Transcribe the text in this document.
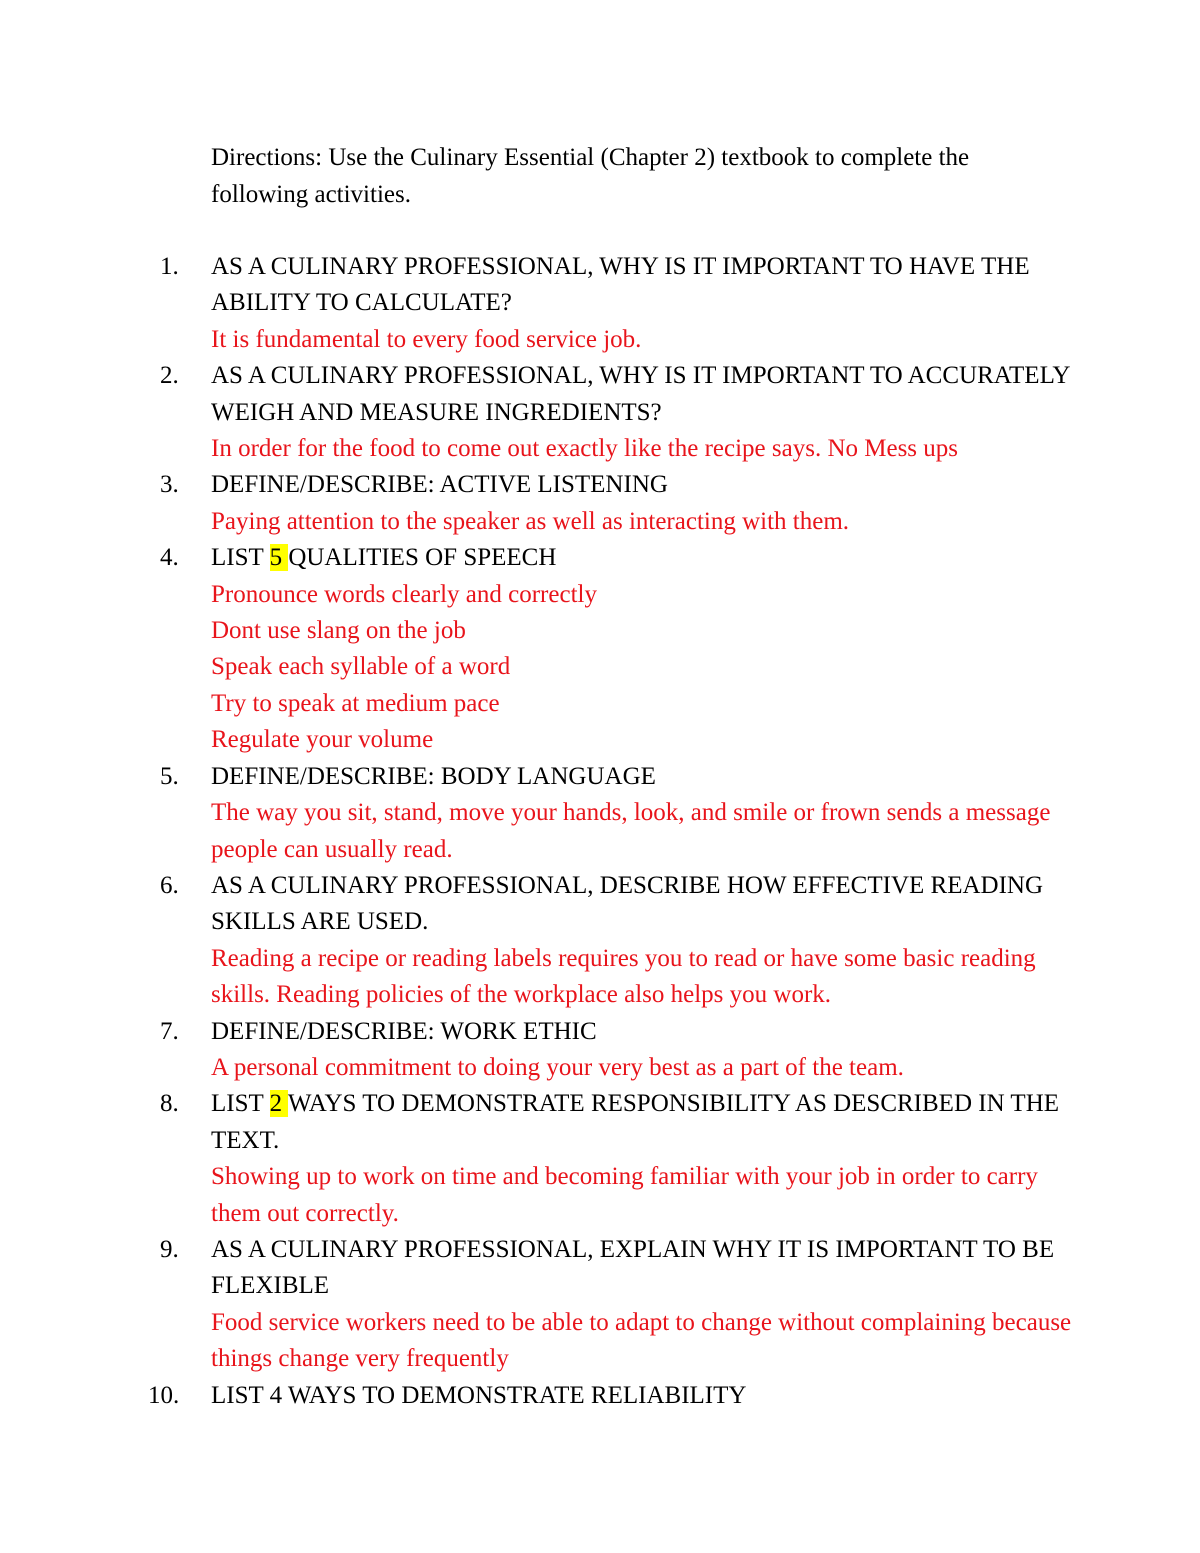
Directions: Use the Culinary Essential (Chapter 2) textbook to complete the following activities.
1.	AS A CULINARY PROFESSIONAL, WHY IS IT IMPORTANT TO HAVE THE ABILITY TO CALCULATE?
It is fundamental to every food service job.
2.	AS A CULINARY PROFESSIONAL, WHY IS IT IMPORTANT TO ACCURATELY WEIGH AND MEASURE INGREDIENTS?
In order for the food to come out exactly like the recipe says. No Mess ups
3.	DEFINE/DESCRIBE: ACTIVE LISTENING
Paying attention to the speaker as well as interacting with them.
4.	LIST 5 QUALITIES OF SPEECH
Pronounce words clearly and correctly
Dont use slang on the job
Speak each syllable of a word
Try to speak at medium pace
Regulate your volume
5.	DEFINE/DESCRIBE: BODY LANGUAGE
The way you sit, stand, move your hands, look, and smile or frown sends a message people can usually read.
6.	AS A CULINARY PROFESSIONAL, DESCRIBE HOW EFFECTIVE READING SKILLS ARE USED.
Reading a recipe or reading labels requires you to read or have some basic reading skills. Reading policies of the workplace also helps you work.
7.	DEFINE/DESCRIBE: WORK ETHIC
A personal commitment to doing your very best as a part of the team.
8.	LIST 2 WAYS TO DEMONSTRATE RESPONSIBILITY AS DESCRIBED IN THE TEXT.
Showing up to work on time and becoming familiar with your job in order to carry them out correctly.
9.	AS A CULINARY PROFESSIONAL, EXPLAIN WHY IT IS IMPORTANT TO BE FLEXIBLE
Food service workers need to be able to adapt to change without complaining because things change very frequently
10.	LIST 4 WAYS TO DEMONSTRATE RELIABILITY
